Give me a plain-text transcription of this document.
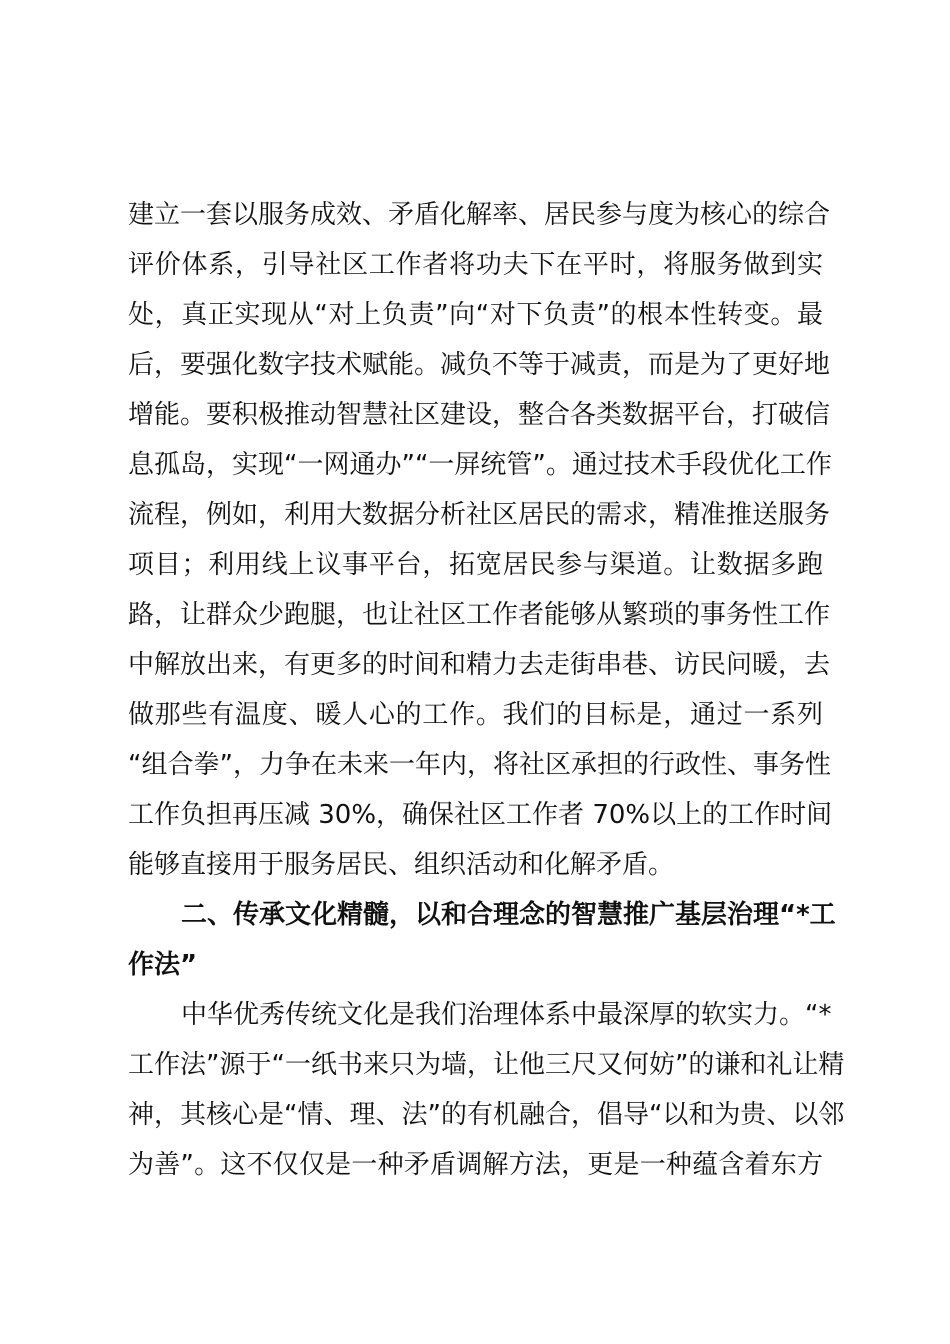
建立一套以服务成效、矛盾化解率、居民参与度为核心的综合
评价体系，引导社区工作者将功夫下在平时，将服务做到实
处，真正实现从“对上负责”向“对下负责”的根本性转变。最
后，要强化数字技术赋能。减负不等于减责，而是为了更好地
增能。要积极推动智慧社区建设，整合各类数据平台，打破信
息孤岛，实现“一网通办”“一屏统管”。通过技术手段优化工作
流程，例如，利用大数据分析社区居民的需求，精准推送服务
项目；利用线上议事平台，拓宽居民参与渠道。让数据多跑
路，让群众少跑腿，也让社区工作者能够从繁琐的事务性工作
中解放出来，有更多的时间和精力去走街串巷、访民问暖，去
做那些有温度、暖人心的工作。我们的目标是，通过一系列
“组合拳”，力争在未来一年内，将社区承担的行政性、事务性
工作负担再压减 30%，确保社区工作者 70%以上的工作时间
能够直接用于服务居民、组织活动和化解矛盾。
二、传承文化精髓，以和合理念的智慧推广基层治理“*工
作法”
中华优秀传统文化是我们治理体系中最深厚的软实力。“*
工作法”源于“一纸书来只为墙，让他三尺又何妨”的谦和礼让精
神，其核心是“情、理、法”的有机融合，倡导“以和为贵、以邻
为善”。这不仅仅是一种矛盾调解方法，更是一种蕴含着东方
